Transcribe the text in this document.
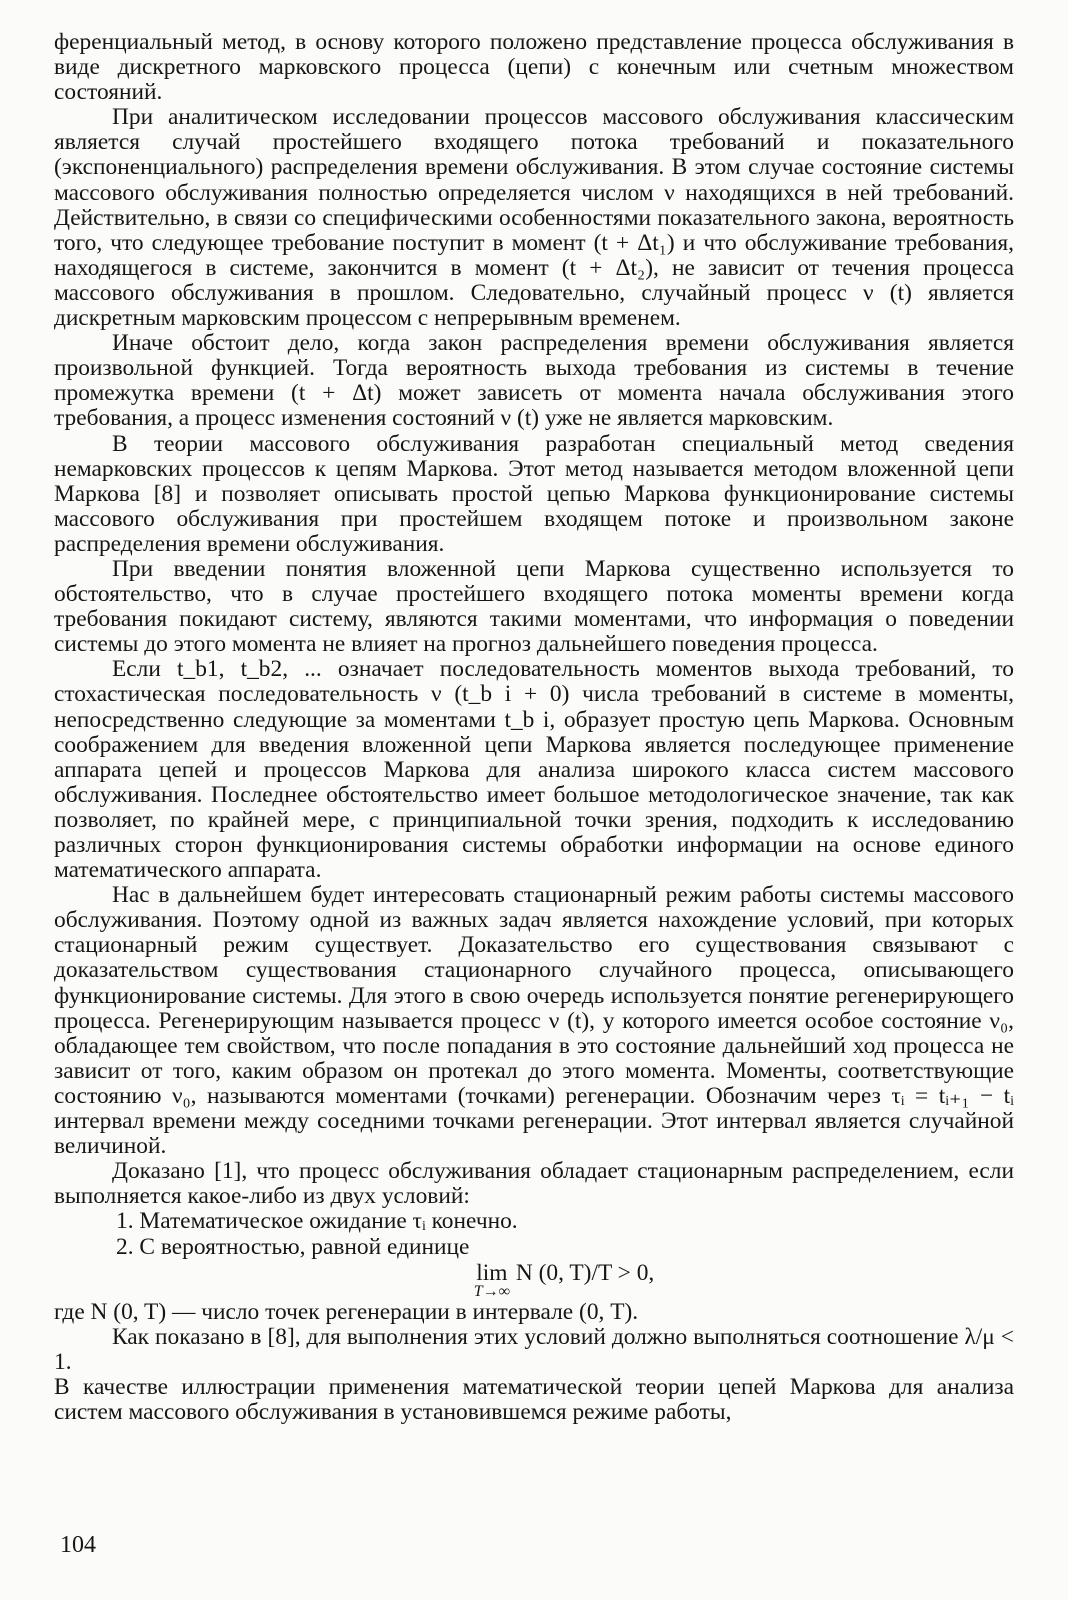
ференциальный метод, в основу которого положено представление процесса обслуживания в виде дискретного марковского процесса (цепи) с конечным или счетным множеством состояний.

При аналитическом исследовании процессов массового обслуживания классическим является случай простейшего входящего потока требований и показательного (экспоненциального) распределения времени обслуживания. В этом случае состояние системы массового обслуживания полностью определяется числом ν находящихся в ней требований. Действительно, в связи со специфическими особенностями показательного закона, вероятность того, что следующее требование поступит в момент (t + Δt₁) и что обслуживание требования, находящегося в системе, закончится в момент (t + Δt₂), не зависит от течения процесса массового обслуживания в прошлом. Следовательно, случайный процесс ν (t) является дискретным марковским процессом с непрерывным временем.

Иначе обстоит дело, когда закон распределения времени обслуживания является произвольной функцией. Тогда вероятность выхода требования из системы в течение промежутка времени (t + Δt) может зависеть от момента начала обслуживания этого требования, а процесс изменения состояний ν (t) уже не является марковским.

В теории массового обслуживания разработан специальный метод сведения немарковских процессов к цепям Маркова. Этот метод называется методом вложенной цепи Маркова [8] и позволяет описывать простой цепью Маркова функционирование системы массового обслуживания при простейшем входящем потоке и произвольном законе распределения времени обслуживания.

При введении понятия вложенной цепи Маркова существенно используется то обстоятельство, что в случае простейшего входящего потока моменты времени когда требования покидают систему, являются такими моментами, что информация о поведении системы до этого момента не влияет на прогноз дальнейшего поведения процесса.

Если t_b1, t_b2, ... означает последовательность моментов выхода требований, то стохастическая последовательность ν (t_b i + 0) числа требований в системе в моменты, непосредственно следующие за моментами t_b i, образует простую цепь Маркова. Основным соображением для введения вложенной цепи Маркова является последующее применение аппарата цепей и процессов Маркова для анализа широкого класса систем массового обслуживания. Последнее обстоятельство имеет большое методологическое значение, так как позволяет, по крайней мере, с принципиальной точки зрения, подходить к исследованию различных сторон функционирования системы обработки информации на основе единого математического аппарата.

Нас в дальнейшем будет интересовать стационарный режим работы системы массового обслуживания. Поэтому одной из важных задач является нахождение условий, при которых стационарный режим существует. Доказательство его существования связывают с доказательством существования стационарного случайного процесса, описывающего функционирование системы. Для этого в свою очередь используется понятие регенерирующего процесса. Регенерирующим называется процесс ν (t), у которого имеется особое состояние ν₀, обладающее тем свойством, что после попадания в это состояние дальнейший ход процесса не зависит от того, каким образом он протекал до этого момента. Моменты, соответствующие состоянию ν₀, называются моментами (точками) регенерации. Обозначим через τᵢ = tᵢ₊₁ − tᵢ интервал времени между соседними точками регенерации. Этот интервал является случайной величиной.

Доказано [1], что процесс обслуживания обладает стационарным распределением, если выполняется какое-либо из двух условий:

1. Математическое ожидание τᵢ конечно.

2. С вероятностью, равной единице

lim
T→∞
N (0, T)/T > 0,

где N (0, T) — число точек регенерации в интервале (0, T).

Как показано в [8], для выполнения этих условий должно выполняться соотношение λ/μ < 1.

В качестве иллюстрации применения математической теории цепей Маркова для анализа систем массового обслуживания в установившемся режиме работы,

104
